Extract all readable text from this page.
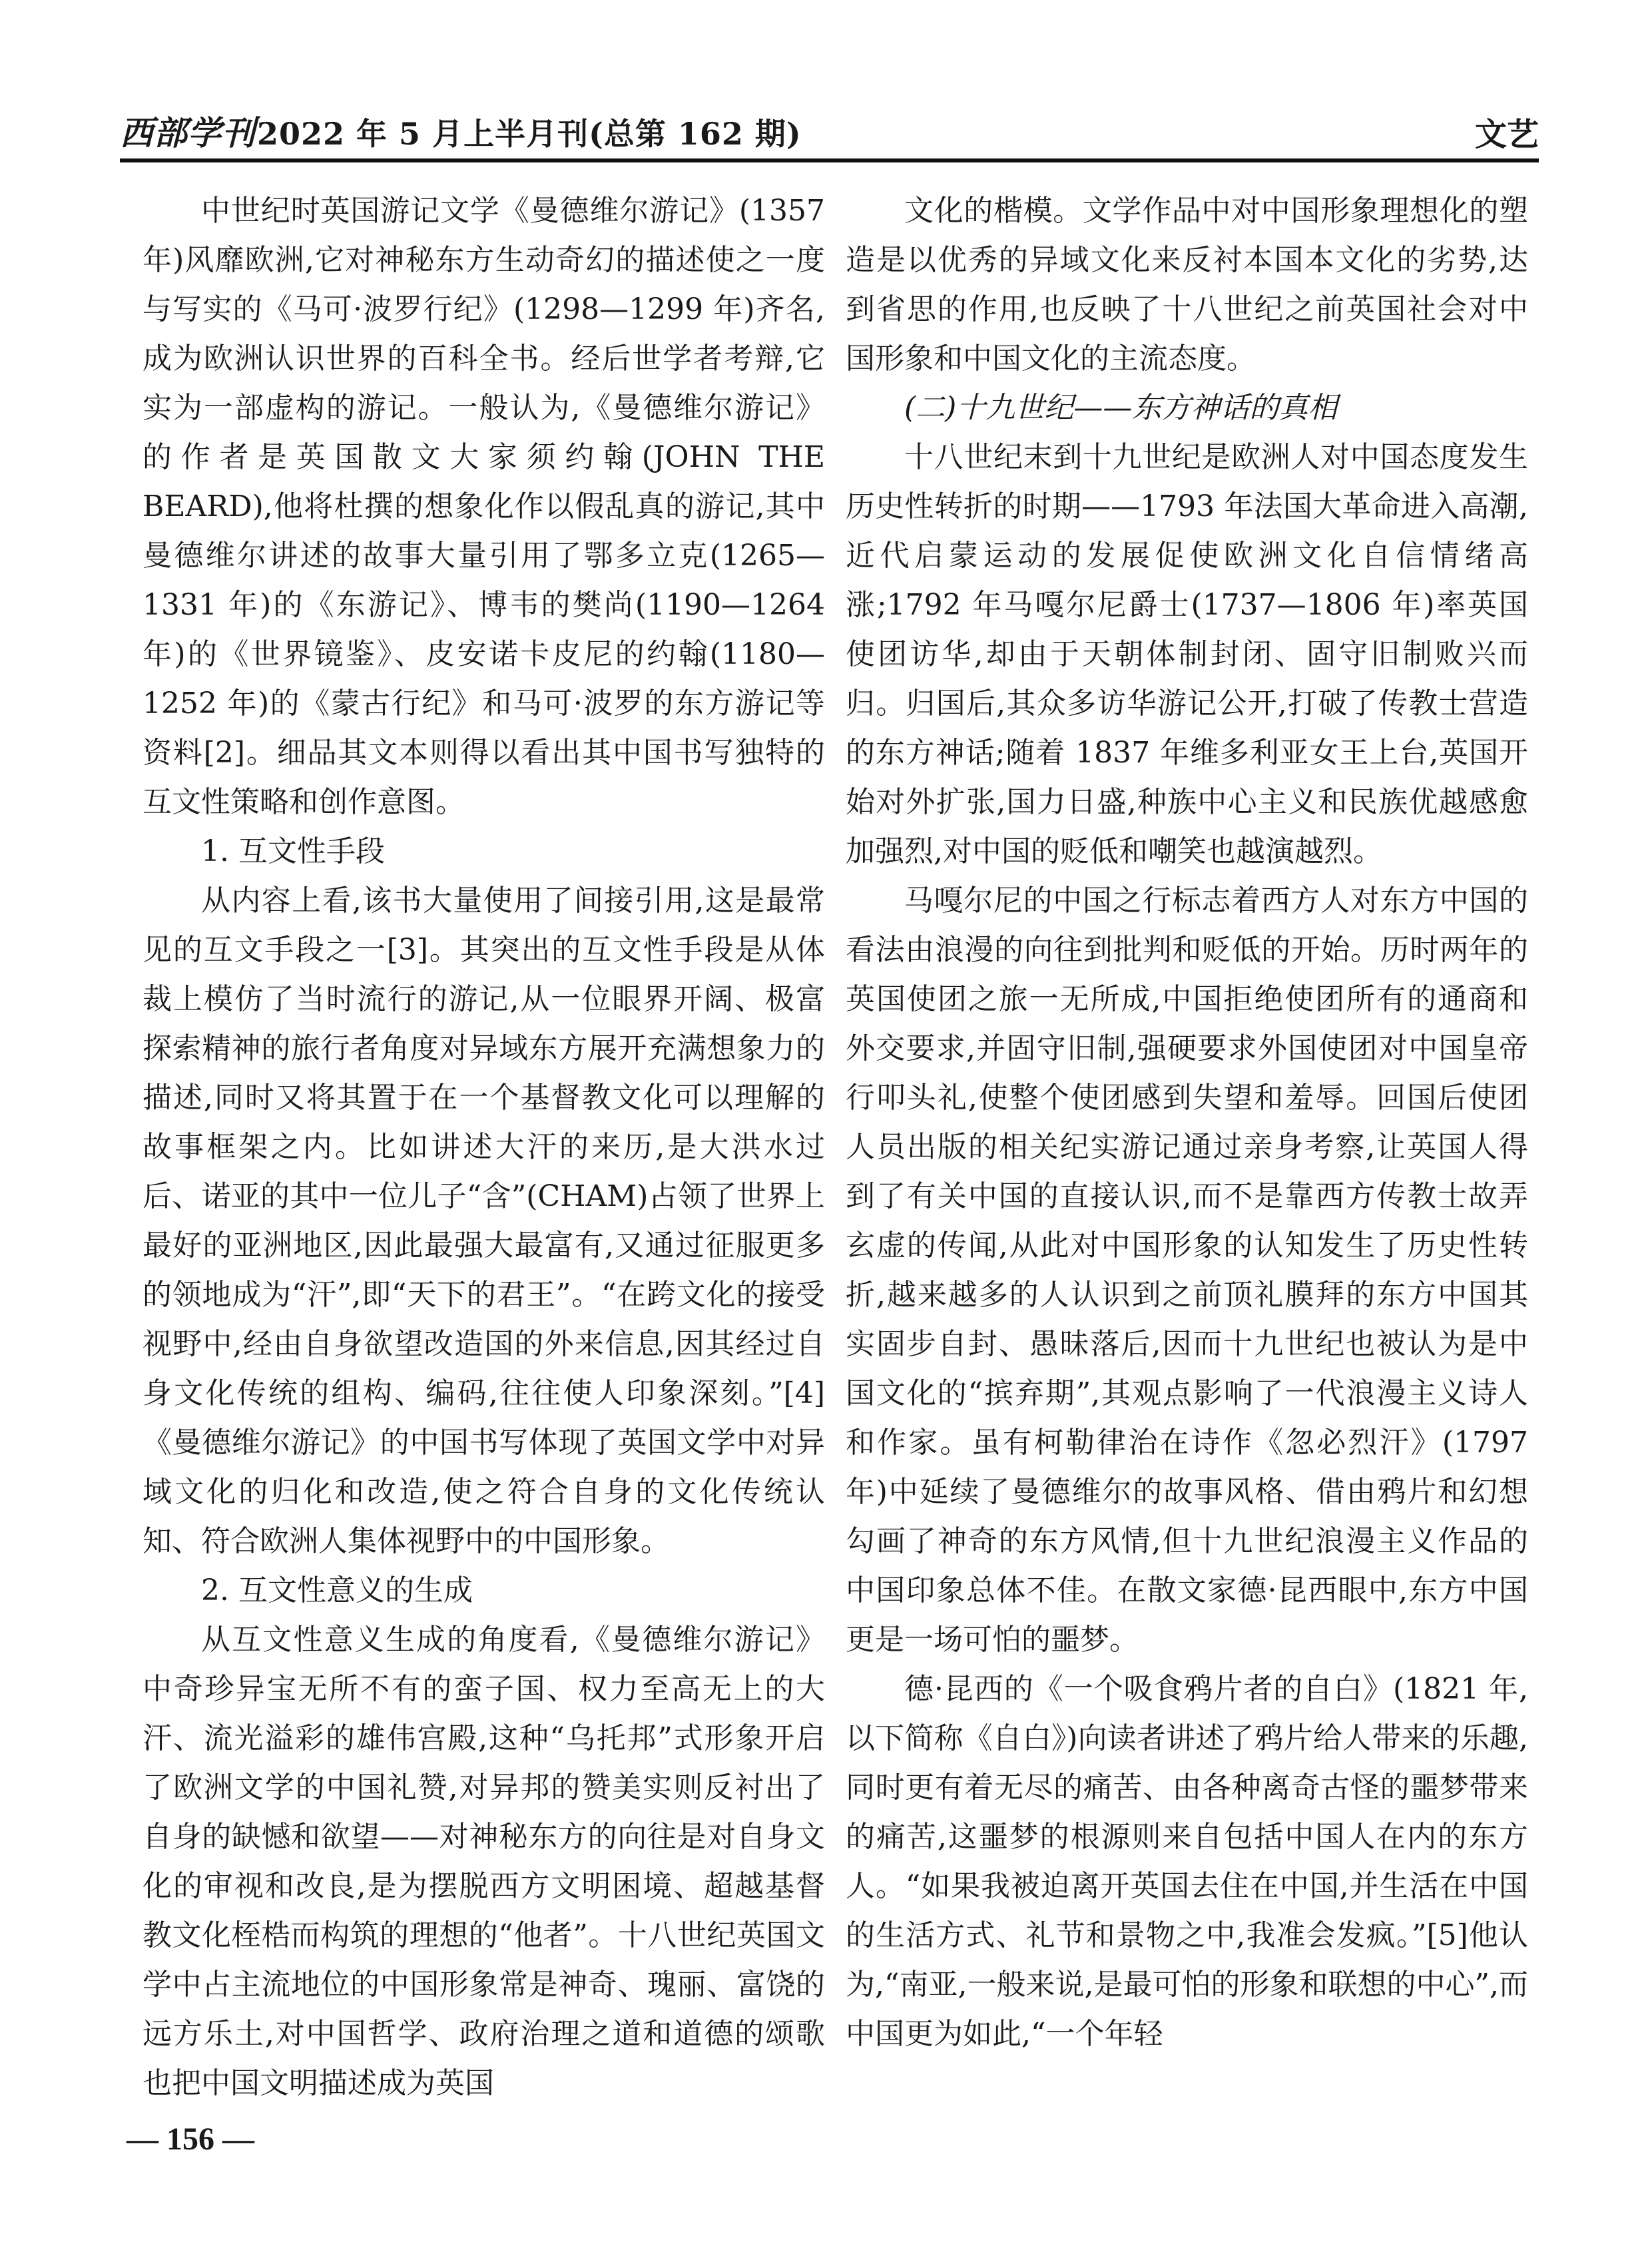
西部学刊2022 年 5 月上半月刊(总第 162 期)	文艺

中世纪时英国游记文学《曼德维尔游记》(1357年)风靡欧洲,它对神秘东方生动奇幻的描述使之一度与写实的《马可·波罗行纪》(1298—1299 年)齐名,成为欧洲认识世界的百科全书。经后世学者考辩,它实为一部虚构的游记。一般认为,《曼德维尔游记》的作者是英国散文大家须约翰(JOHN THE BEARD),他将杜撰的想象化作以假乱真的游记,其中曼德维尔讲述的故事大量引用了鄂多立克(1265—1331 年)的《东游记》、博韦的樊尚(1190—1264 年)的《世界镜鉴》、皮安诺卡皮尼的约翰(1180—1252 年)的《蒙古行纪》和马可·波罗的东方游记等资料[2]。细品其文本则得以看出其中国书写独特的互文性策略和创作意图。

1. 互文性手段

从内容上看,该书大量使用了间接引用,这是最常见的互文手段之一[3]。其突出的互文性手段是从体裁上模仿了当时流行的游记,从一位眼界开阔、极富探索精神的旅行者角度对异域东方展开充满想象力的描述,同时又将其置于在一个基督教文化可以理解的故事框架之内。比如讲述大汗的来历,是大洪水过后、诺亚的其中一位儿子“含”(CHAM)占领了世界上最好的亚洲地区,因此最强大最富有,又通过征服更多的领地成为“汗”,即“天下的君王”。“在跨文化的接受视野中,经由自身欲望改造国的外来信息,因其经过自身文化传统的组构、编码,往往使人印象深刻。”[4]《曼德维尔游记》的中国书写体现了英国文学中对异域文化的归化和改造,使之符合自身的文化传统认知、符合欧洲人集体视野中的中国形象。

2. 互文性意义的生成

从互文性意义生成的角度看,《曼德维尔游记》中奇珍异宝无所不有的蛮子国、权力至高无上的大汗、流光溢彩的雄伟宫殿,这种“乌托邦”式形象开启了欧洲文学的中国礼赞,对异邦的赞美实则反衬出了自身的缺憾和欲望——对神秘东方的向往是对自身文化的审视和改良,是为摆脱西方文明困境、超越基督教文化桎梏而构筑的理想的“他者”。十八世纪英国文学中占主流地位的中国形象常是神奇、瑰丽、富饶的远方乐土,对中国哲学、政府治理之道和道德的颂歌也把中国文明描述成为英国

文化的楷模。文学作品中对中国形象理想化的塑造是以优秀的异域文化来反衬本国本文化的劣势,达到省思的作用,也反映了十八世纪之前英国社会对中国形象和中国文化的主流态度。

(二)十九世纪——东方神话的真相

十八世纪末到十九世纪是欧洲人对中国态度发生历史性转折的时期——1793 年法国大革命进入高潮,近代启蒙运动的发展促使欧洲文化自信情绪高涨;1792 年马嘎尔尼爵士(1737—1806 年)率英国使团访华,却由于天朝体制封闭、固守旧制败兴而归。归国后,其众多访华游记公开,打破了传教士营造的东方神话;随着 1837 年维多利亚女王上台,英国开始对外扩张,国力日盛,种族中心主义和民族优越感愈加强烈,对中国的贬低和嘲笑也越演越烈。

马嘎尔尼的中国之行标志着西方人对东方中国的看法由浪漫的向往到批判和贬低的开始。历时两年的英国使团之旅一无所成,中国拒绝使团所有的通商和外交要求,并固守旧制,强硬要求外国使团对中国皇帝行叩头礼,使整个使团感到失望和羞辱。回国后使团人员出版的相关纪实游记通过亲身考察,让英国人得到了有关中国的直接认识,而不是靠西方传教士故弄玄虚的传闻,从此对中国形象的认知发生了历史性转折,越来越多的人认识到之前顶礼膜拜的东方中国其实固步自封、愚昧落后,因而十九世纪也被认为是中国文化的“摈弃期”,其观点影响了一代浪漫主义诗人和作家。虽有柯勒律治在诗作《忽必烈汗》(1797 年)中延续了曼德维尔的故事风格、借由鸦片和幻想勾画了神奇的东方风情,但十九世纪浪漫主义作品的中国印象总体不佳。在散文家德·昆西眼中,东方中国更是一场可怕的噩梦。

德·昆西的《一个吸食鸦片者的自白》(1821 年,以下简称《自白》)向读者讲述了鸦片给人带来的乐趣,同时更有着无尽的痛苦、由各种离奇古怪的噩梦带来的痛苦,这噩梦的根源则来自包括中国人在内的东方人。“如果我被迫离开英国去住在中国,并生活在中国的生活方式、礼节和景物之中,我准会发疯。”[5]他认为,“南亚,一般来说,是最可怕的形象和联想的中心”,而中国更为如此,“一个年轻

— 156 —
